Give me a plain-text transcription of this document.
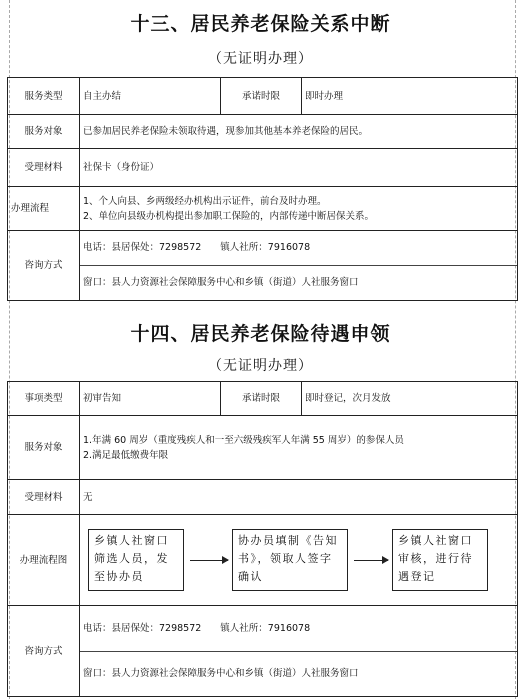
十三、居民养老保险关系中断
（无证明办理）
服务类型	自主办结	承诺时限	即时办理
服务对象	已参加居民养老保险未领取待遇，现参加其他基本养老保险的居民。		
受理材料	社保卡（身份证）		
办理流程	1、个人向县、乡两级经办机构出示证件，前台及时办理。
2、单位向县级办机构提出参加职工保险的，内部传递中断居保关系。		

咨询方式	电话：县居保处：7298572　　镇人社所：7916078
窗口：县人力资源社会保障服务中心和乡镇（街道）人社服务窗口		
十四、居民养老保险待遇申领
（无证明办理）
事项类型	初审告知	承诺时限	即时登记，次月发放
服务对象	1.年满 60 周岁（重度残疾人和一至六级残疾军人年满 55 周岁）的参保人员
2.满足最低缴费年限		

受理材料	无		
办理流程图	乡镇人社窗口筛选人员，发至协办员
协办员填制《告知书》，领取人签字确认
乡镇人社窗口审核，进行待遇登记		

咨询方式	电话：县居保处：7298572　　镇人社所：7916078
窗口：县人力资源社会保障服务中心和乡镇（街道）人社服务窗口		
